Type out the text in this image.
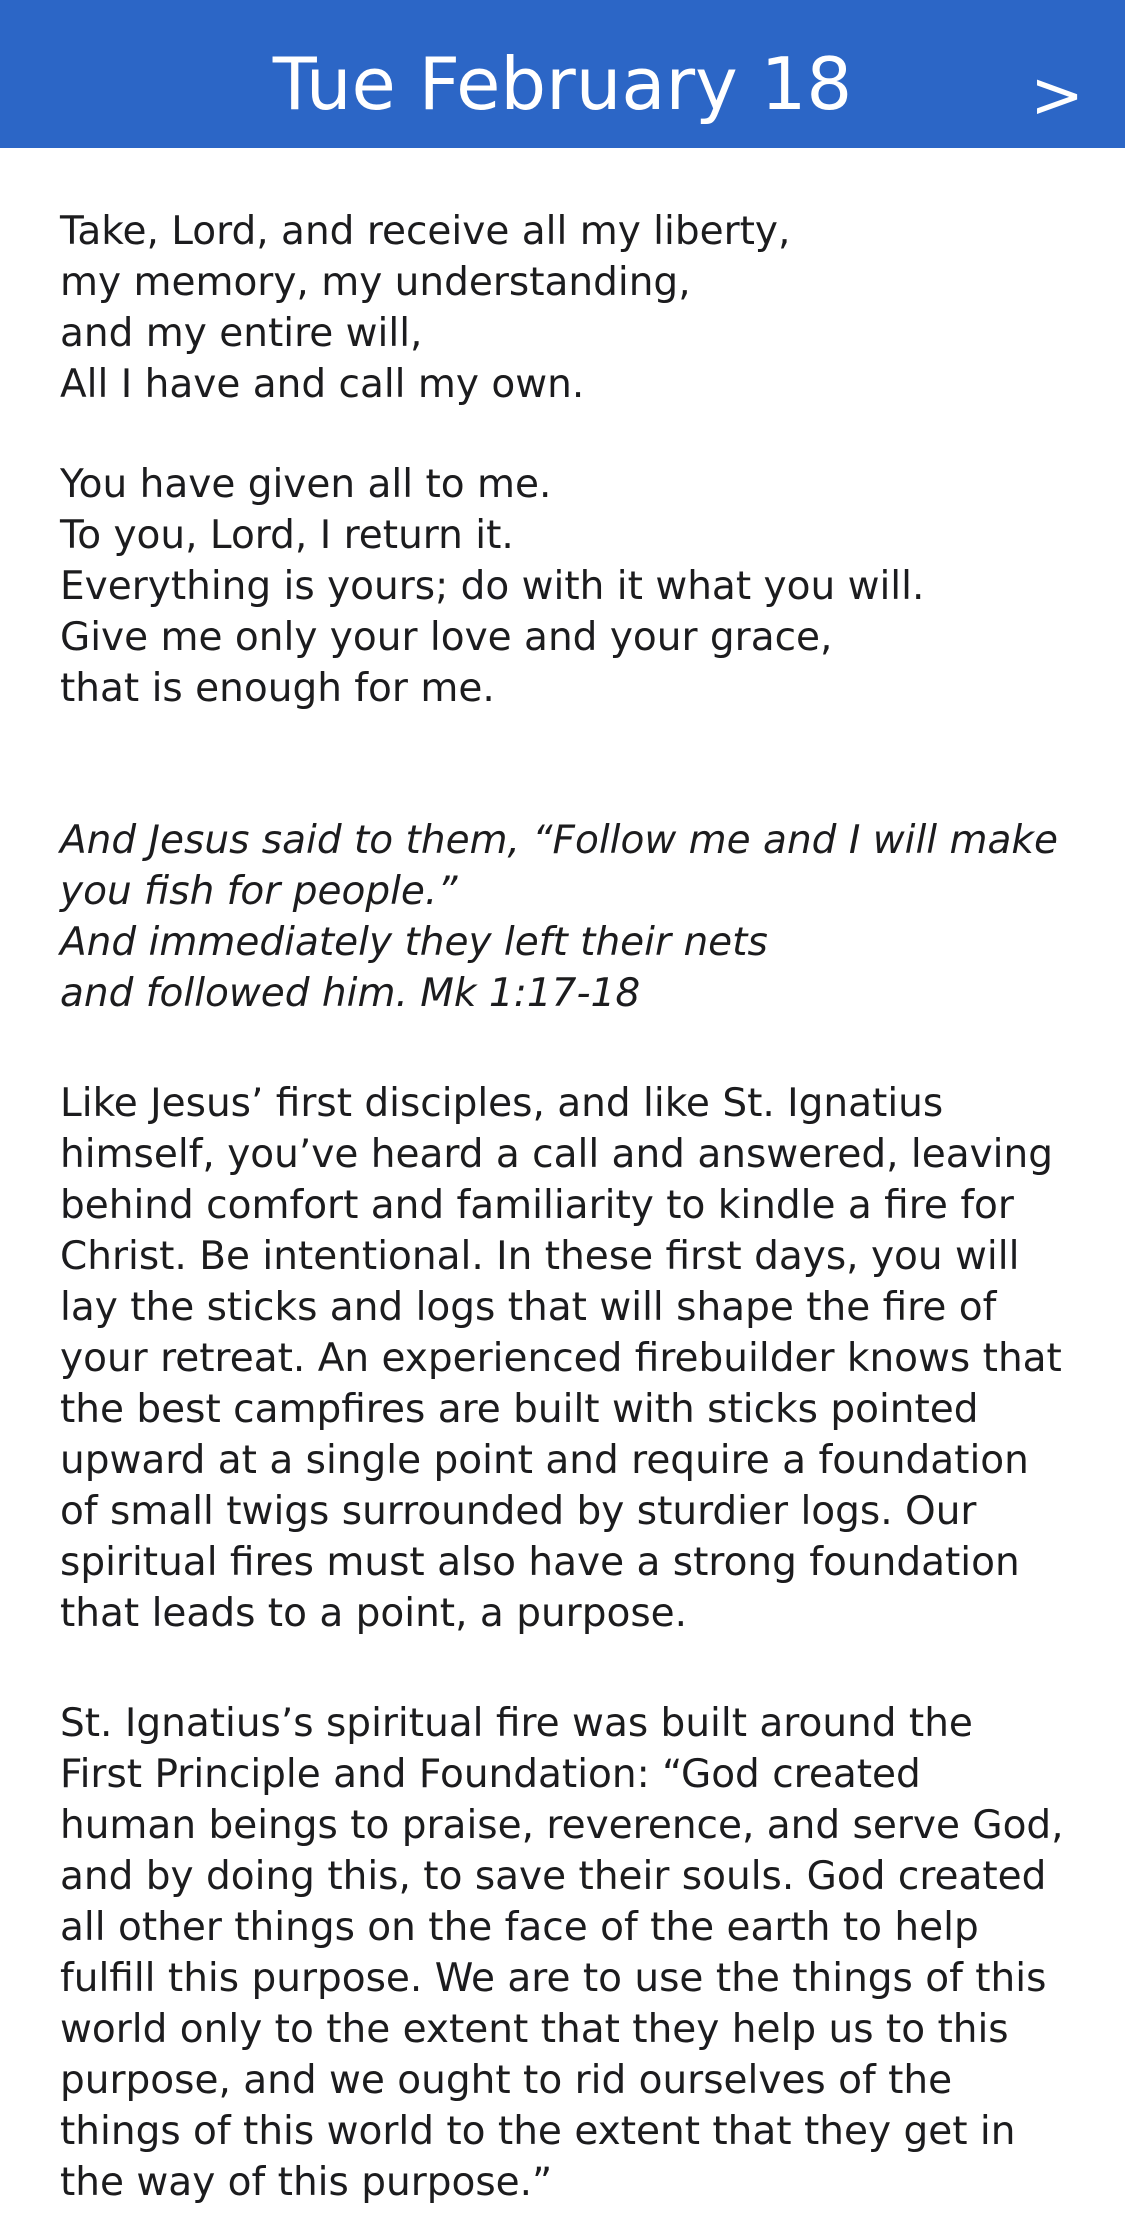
Tue February 18	>
Take, Lord, and receive all my liberty,
my memory, my understanding,
and my entire will,
All I have and call my own.
You have given all to me.
To you, Lord, I return it.
Everything is yours; do with it what you will.
Give me only your love and your grace,
that is enough for me.
And Jesus said to them, “Follow me and I will make
you fish for people.”
And immediately they left their nets
and followed him. Mk 1:17-18
Like Jesus’ first disciples, and like St. Ignatius
himself, you’ve heard a call and answered, leaving
behind comfort and familiarity to kindle a fire for
Christ. Be intentional. In these first days, you will
lay the sticks and logs that will shape the fire of
your retreat. An experienced firebuilder knows that
the best campfires are built with sticks pointed
upward at a single point and require a foundation
of small twigs surrounded by sturdier logs. Our
spiritual fires must also have a strong foundation
that leads to a point, a purpose.
St. Ignatius’s spiritual fire was built around the
First Principle and Foundation: “God created
human beings to praise, reverence, and serve God,
and by doing this, to save their souls. God created
all other things on the face of the earth to help
fulfill this purpose. We are to use the things of this
world only to the extent that they help us to this
purpose, and we ought to rid ourselves of the
things of this world to the extent that they get in
the way of this purpose.”
